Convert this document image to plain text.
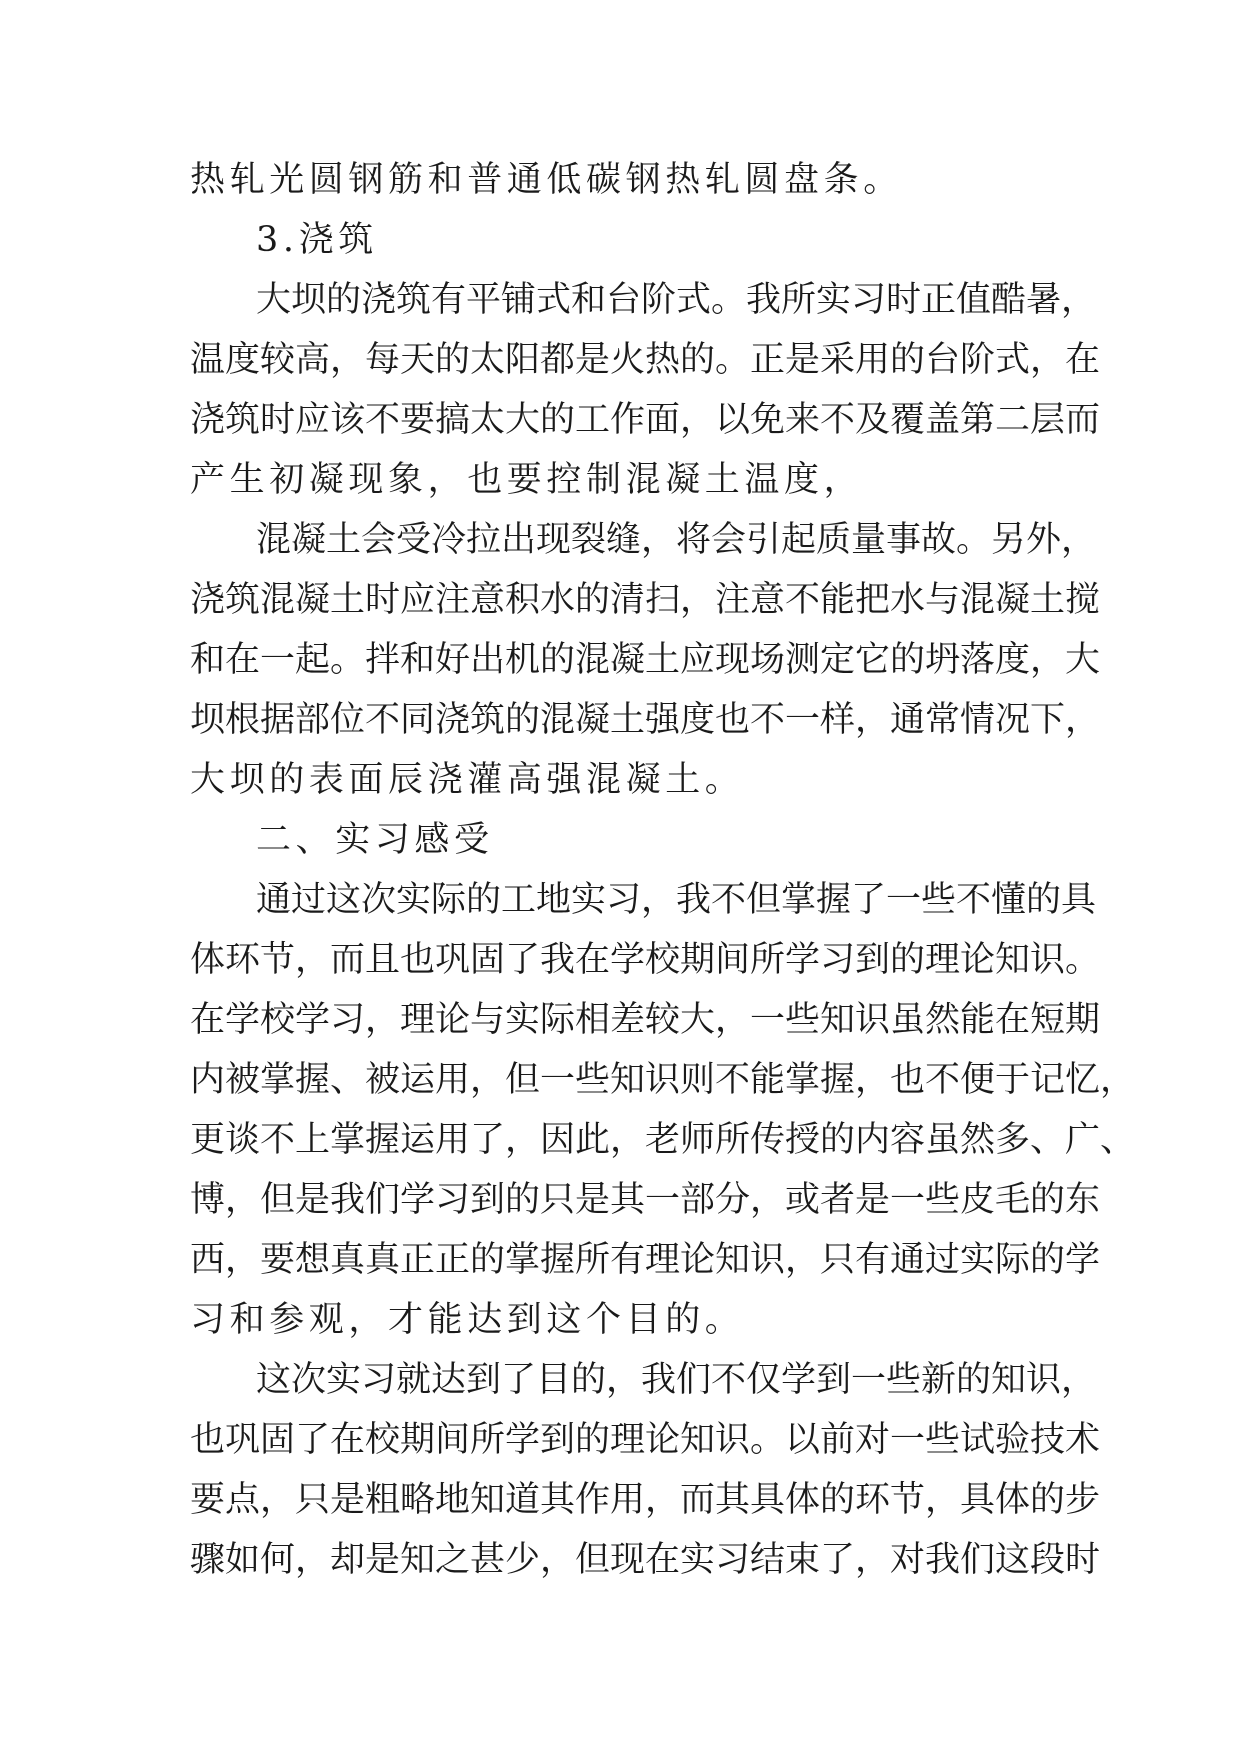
热轧光圆钢筋和普通低碳钢热轧圆盘条。

3.浇筑

大坝的浇筑有平铺式和台阶式。我所实习时正值酷暑，

温度较高，每天的太阳都是火热的。正是采用的台阶式，在

浇筑时应该不要搞太大的工作面，以免来不及覆盖第二层而

产生初凝现象，也要控制混凝土温度，

混凝土会受冷拉出现裂缝，将会引起质量事故。另外，

浇筑混凝土时应注意积水的清扫，注意不能把水与混凝土搅

和在一起。拌和好出机的混凝土应现场测定它的坍落度，大

坝根据部位不同浇筑的混凝土强度也不一样，通常情况下，

大坝的表面辰浇灌高强混凝土。

二、实习感受

通过这次实际的工地实习，我不但掌握了一些不懂的具

体环节，而且也巩固了我在学校期间所学习到的理论知识。

在学校学习，理论与实际相差较大，一些知识虽然能在短期

内被掌握、被运用，但一些知识则不能掌握，也不便于记忆，

更谈不上掌握运用了，因此，老师所传授的内容虽然多、广、

博，但是我们学习到的只是其一部分，或者是一些皮毛的东

西，要想真真正正的掌握所有理论知识，只有通过实际的学

习和参观，才能达到这个目的。

这次实习就达到了目的，我们不仅学到一些新的知识，

也巩固了在校期间所学到的理论知识。以前对一些试验技术

要点，只是粗略地知道其作用，而其具体的环节，具体的步

骤如何，却是知之甚少，但现在实习结束了，对我们这段时
